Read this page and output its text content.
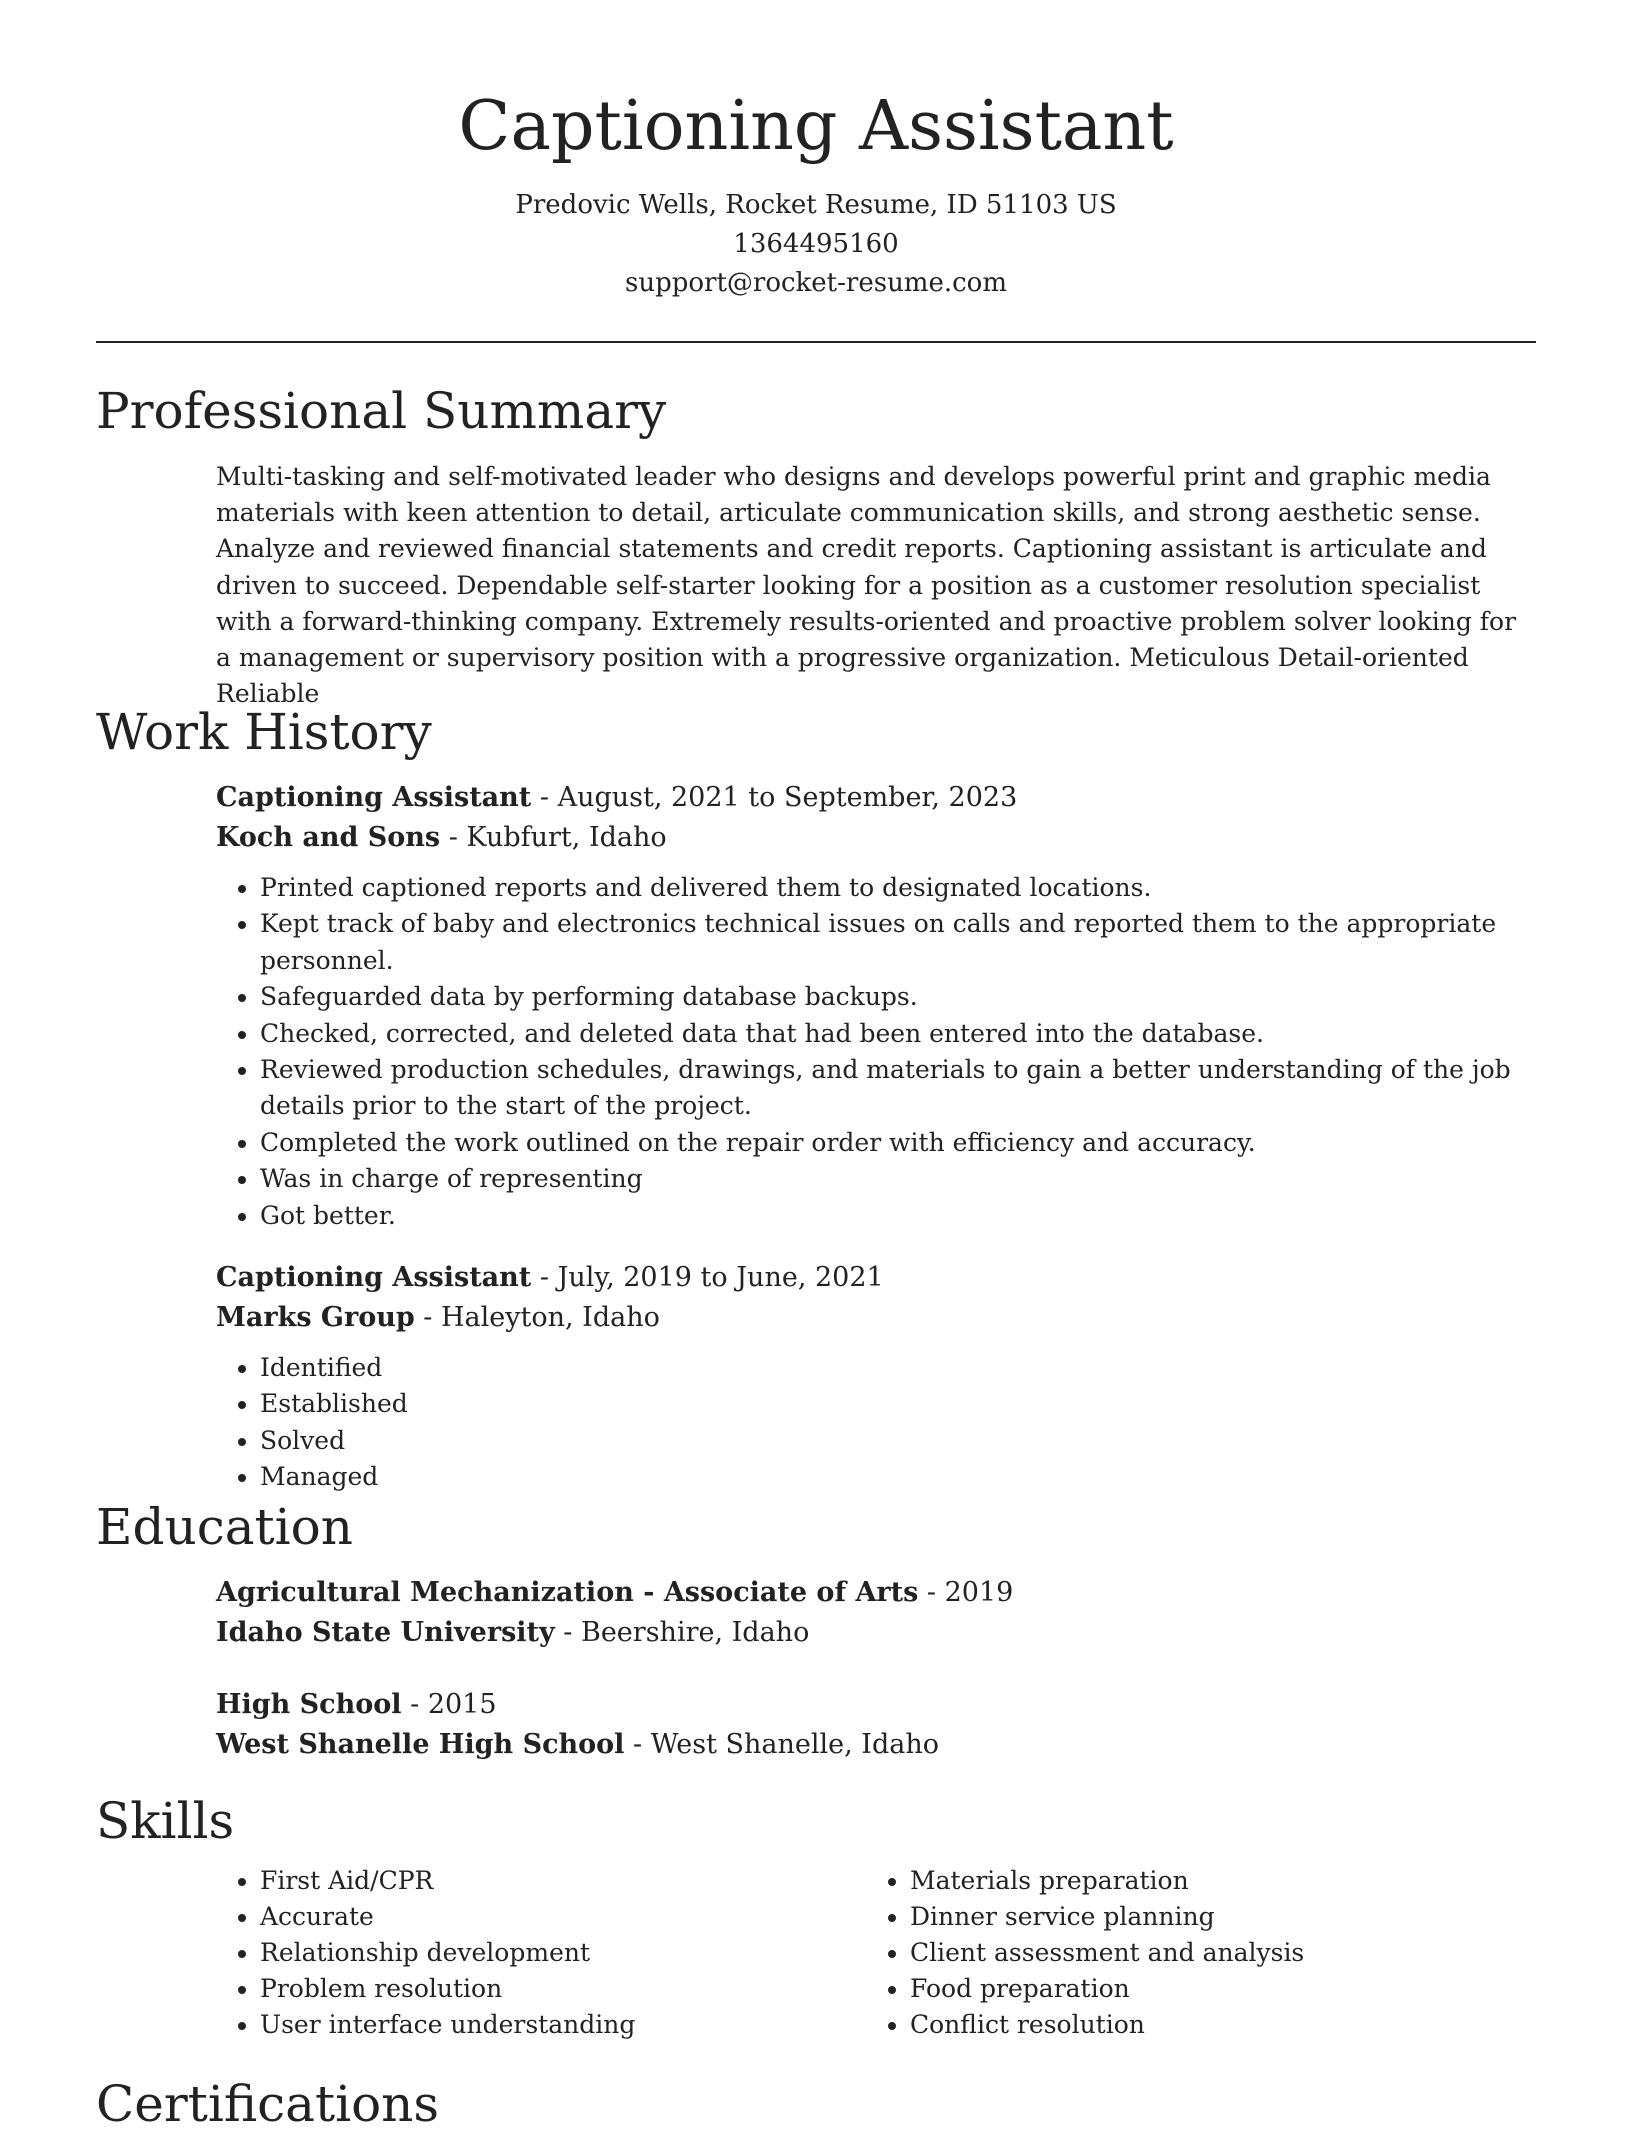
Captioning Assistant
Predovic Wells, Rocket Resume, ID 51103 US
1364495160
support@rocket-resume.com
Professional Summary
Multi-tasking and self-motivated leader who designs and develops powerful print and graphic media materials with keen attention to detail, articulate communication skills, and strong aesthetic sense. Analyze and reviewed financial statements and credit reports. Captioning assistant is articulate and driven to succeed. Dependable self-starter looking for a position as a customer resolution specialist with a forward-thinking company. Extremely results-oriented and proactive problem solver looking for a management or supervisory position with a progressive organization. Meticulous Detail-oriented Reliable
Work History
Captioning Assistant - August, 2021 to September, 2023
Koch and Sons - Kubfurt, Idaho
• Printed captioned reports and delivered them to designated locations.
• Kept track of baby and electronics technical issues on calls and reported them to the appropriate personnel.
• Safeguarded data by performing database backups.
• Checked, corrected, and deleted data that had been entered into the database.
• Reviewed production schedules, drawings, and materials to gain a better understanding of the job details prior to the start of the project.
• Completed the work outlined on the repair order with efficiency and accuracy.
• Was in charge of representing
• Got better.
Captioning Assistant - July, 2019 to June, 2021
Marks Group - Haleyton, Idaho
• Identified
• Established
• Solved
• Managed
Education
Agricultural Mechanization - Associate of Arts - 2019
Idaho State University - Beershire, Idaho
High School - 2015
West Shanelle High School - West Shanelle, Idaho
Skills
• First Aid/CPR
• Accurate
• Relationship development
• Problem resolution
• User interface understanding
• Materials preparation
• Dinner service planning
• Client assessment and analysis
• Food preparation
• Conflict resolution
Certifications
